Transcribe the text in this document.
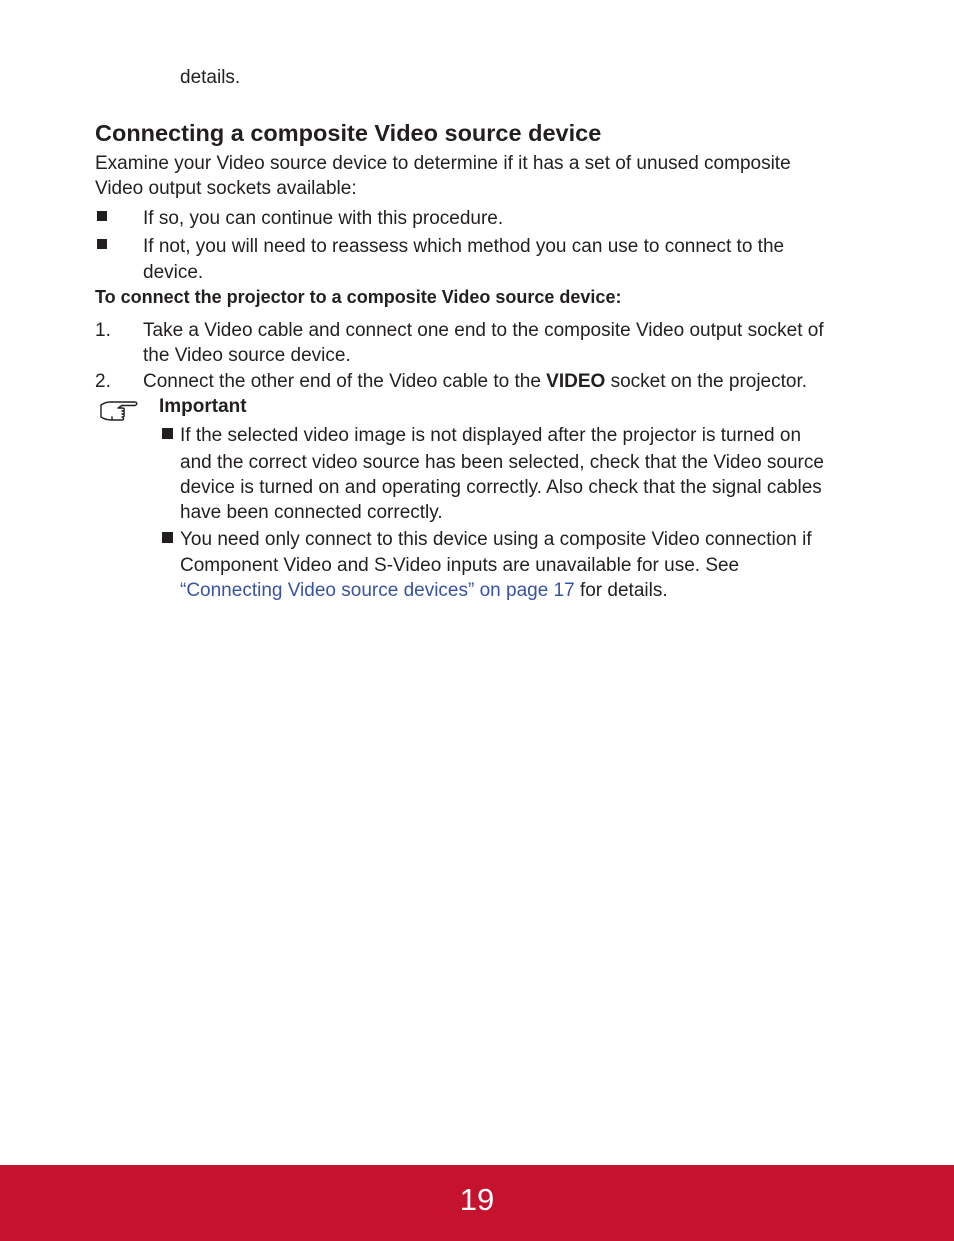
details.
Connecting a composite Video source device
Examine your Video source device to determine if it has a set of unused composite
Video output sockets available:
If so, you can continue with this procedure.
If not, you will need to reassess which method you can use to connect to the
device.
To connect the projector to a composite Video source device:
1. Take a Video cable and connect one end to the composite Video output socket of
the Video source device.
2. Connect the other end of the Video cable to the VIDEO socket on the projector.
Important
If the selected video image is not displayed after the projector is turned on
and the correct video source has been selected, check that the Video source
device is turned on and operating correctly. Also check that the signal cables
have been connected correctly.
You need only connect to this device using a composite Video connection if
Component Video and S-Video inputs are unavailable for use. See
“Connecting Video source devices” on page 17 for details.
19
